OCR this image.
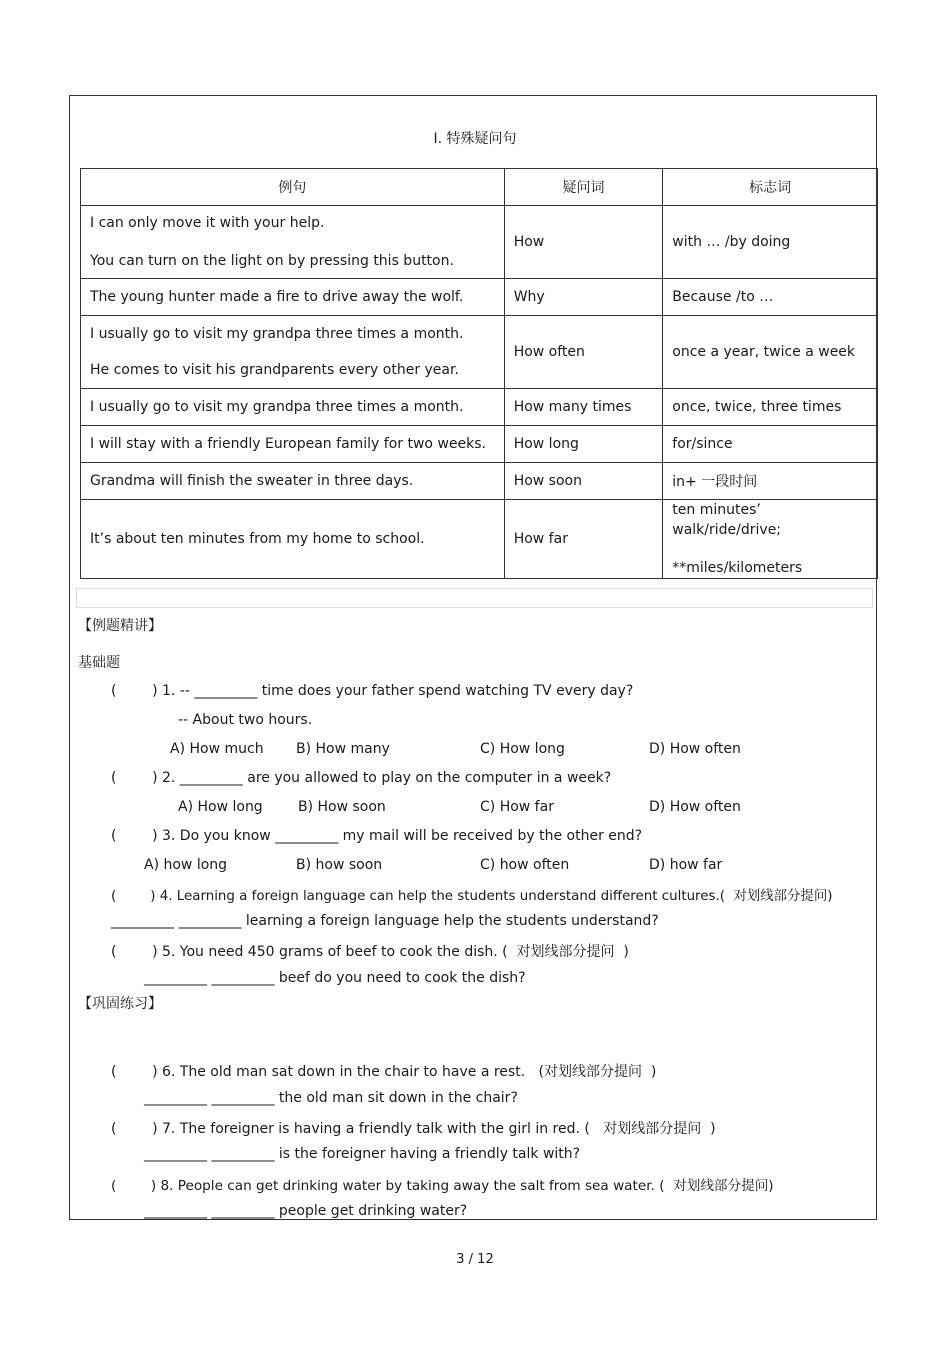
I. 特殊疑问句
例句	疑问词	标志词

I can only move it with your help.
You can turn on the light on by pressing this button.	How	with … /by doing
The young hunter made a fire to drive away the wolf.	Why	Because /to …

I usually go to visit my grandpa three times a month.
He comes to visit his grandparents every other year.	How often	once a year, twice a week
I usually go to visit my grandpa three times a month.	How many times	once, twice, three times
I will stay with a friendly European family for two weeks.	How long	for/since
Grandma will finish the sweater in three days.	How soon	in+ 一段时间
It’s about ten minutes from my home to school.	How far	ten minutes’ walk/ride/drive;
**miles/kilometers
【例题精讲】
基础题
(        ) 1. -- _________ time does your father spend watching TV every day?
-- About two hours.
A) How much B) How many	C) How long	D) How often
(        ) 2. _________ are you allowed to play on the computer in a week?
A) How long	B) How soon	C) How far	D) How often
(        ) 3. Do you know _________ my mail will be received by the other end?
A) how long	B) how soon	C) how often	D) how far
(        ) 4. Learning a foreign language can help the students understand different cultures.(  对划线部分提问)
_________ _________ learning a foreign language help the students understand?
(        ) 5. You need 450 grams of beef to cook the dish. (  对划线部分提问  )
_________ _________ beef do you need to cook the dish?
【巩固练习】
(        ) 6. The old man sat down in the chair to have a rest.   (对划线部分提问  )
_________ _________ the old man sit down in the chair?
(        ) 7. The foreigner is having a friendly talk with the girl in red. (   对划线部分提问  )
_________ _________ is the foreigner having a friendly talk with?
(        ) 8. People can get drinking water by taking away the salt from sea water. (  对划线部分提问)
_________ _________ people get drinking water?
3 / 12
